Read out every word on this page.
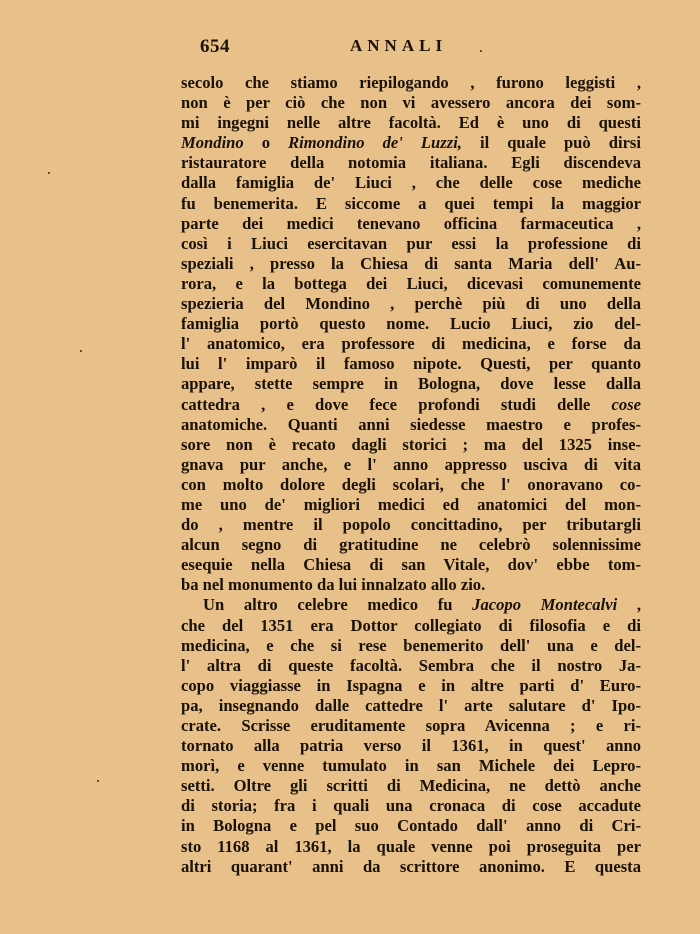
654	ANNALI
secolo che stiamo riepilogando , furono leggisti ,
non è per ciò che non vi avessero ancora dei som-
mi ingegni nelle altre facoltà. Ed è uno di questi
Mondino o Rimondino de' Luzzi, il quale può dirsi
ristauratore della notomia italiana. Egli discendeva
dalla famiglia de' Liuci , che delle cose mediche
fu benemerita. E siccome a quei tempi la maggior
parte dei medici tenevano officina farmaceutica ,
così i Liuci esercitavan pur essi la professione di
speziali , presso la Chiesa di santa Maria dell' Au-
rora, e la bottega dei Liuci, dicevasi comunemente
spezieria del Mondino , perchè più di uno della
famiglia portò questo nome. Lucio Liuci, zio del-
l' anatomico, era professore di medicina, e forse da
lui l' imparò il famoso nipote. Questi, per quanto
appare, stette sempre in Bologna, dove lesse dalla
cattedra , e dove fece profondi studi delle cose
anatomiche. Quanti anni siedesse maestro e profes-
sore non è recato dagli storici ; ma del 1325 inse-
gnava pur anche, e l' anno appresso usciva di vita
con molto dolore degli scolari, che l' onoravano co-
me uno de' migliori medici ed anatomici del mon-
do , mentre il popolo concittadino, per tributargli
alcun segno di gratitudine ne celebrò solennissime
esequie nella Chiesa di san Vitale, dov' ebbe tom-
ba nel monumento da lui innalzato allo zio.
Un altro celebre medico fu Jacopo Montecalvi ,
che del 1351 era Dottor collegiato di filosofia e di
medicina, e che si rese benemerito dell' una e del-
l' altra di queste facoltà. Sembra che il nostro Ja-
copo viaggiasse in Ispagna e in altre parti d' Euro-
pa, insegnando dalle cattedre l' arte salutare d' Ipo-
crate. Scrisse eruditamente sopra Avicenna ; e ri-
tornato alla patria verso il 1361, in quest' anno
morì, e venne tumulato in san Michele dei Lepro-
setti. Oltre gli scritti di Medicina, ne dettò anche
di storia; fra i quali una cronaca di cose accadute
in Bologna e pel suo Contado dall' anno di Cri-
sto 1168 al 1361, la quale venne poi proseguita per
altri quarant' anni da scrittore anonimo. E questa
